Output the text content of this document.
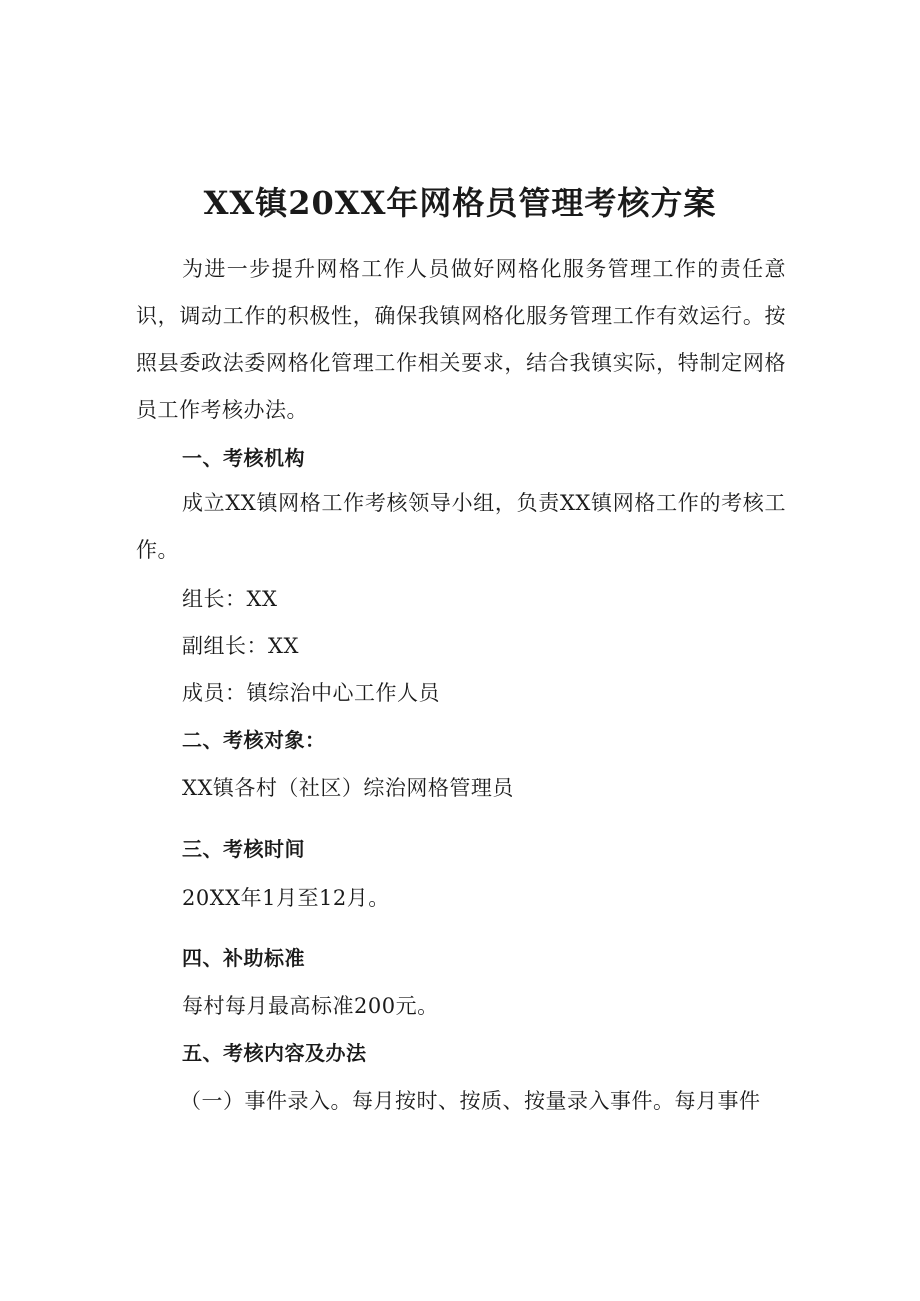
XX镇20XX年网格员管理考核方案
为进一步提升网格工作人员做好网格化服务管理工作的责任意识，调动工作的积极性，确保我镇网格化服务管理工作有效运行。按照县委政法委网格化管理工作相关要求，结合我镇实际，特制定网格员工作考核办法。
一、考核机构
成立XX镇网格工作考核领导小组，负责XX镇网格工作的考核工作。
组长：XX
副组长：XX
成员：镇综治中心工作人员
二、考核对象：
XX镇各村（社区）综治网格管理员
三、考核时间
20XX年1月至12月。
四、补助标准
每村每月最高标准200元。
五、考核内容及办法
（一）事件录入。每月按时、按质、按量录入事件。每月事件
